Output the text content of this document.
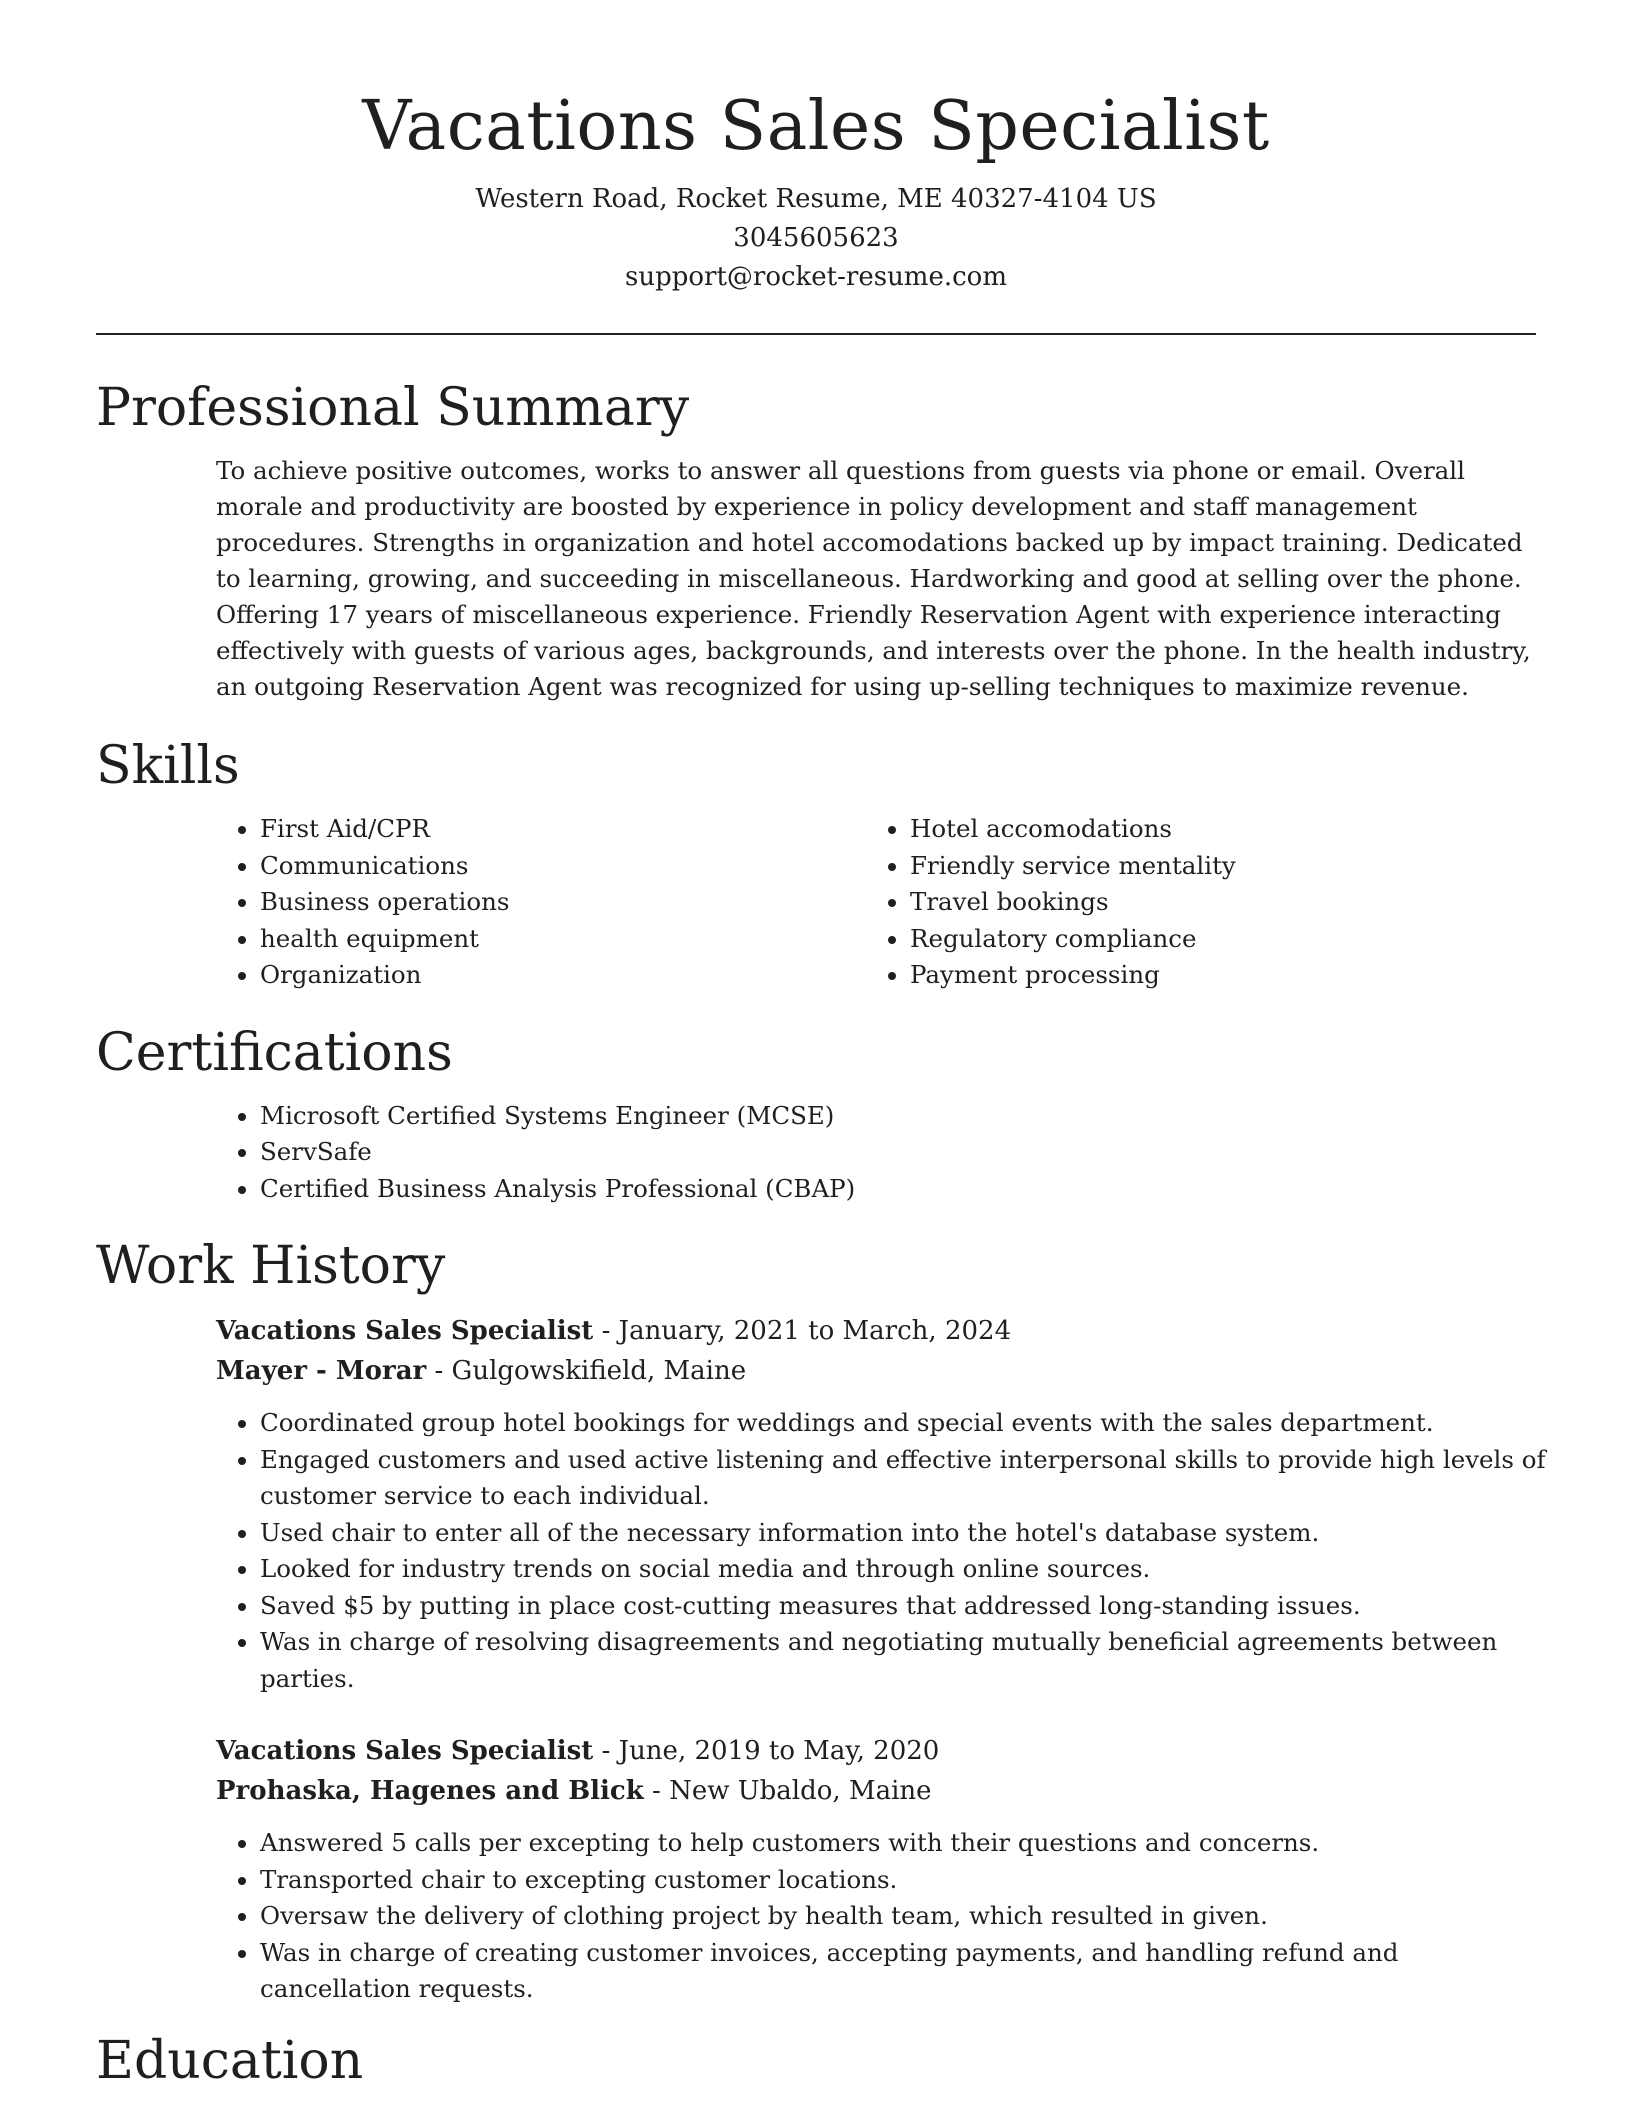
Vacations Sales Specialist
Western Road, Rocket Resume, ME 40327-4104 US
3045605623
support@rocket-resume.com
Professional Summary

To achieve positive outcomes, works to answer all questions from guests via phone or email. Overall morale and productivity are boosted by experience in policy development and staff management procedures. Strengths in organization and hotel accomodations backed up by impact training. Dedicated to learning, growing, and succeeding in miscellaneous. Hardworking and good at selling over the phone. Offering 17 years of miscellaneous experience. Friendly Reservation Agent with experience interacting effectively with guests of various ages, backgrounds, and interests over the phone. In the health industry, an outgoing Reservation Agent was recognized for using up-selling techniques to maximize revenue.

Skills
• First Aid/CPR
• Communications
• Business operations
• health equipment
• Organization
• Hotel accomodations
• Friendly service mentality
• Travel bookings
• Regulatory compliance
• Payment processing
Certifications
• Microsoft Certified Systems Engineer (MCSE)
• ServSafe
• Certified Business Analysis Professional (CBAP)
Work History
Vacations Sales Specialist - January, 2021 to March, 2024
Mayer - Morar - Gulgowskifield, Maine
• Coordinated group hotel bookings for weddings and special events with the sales department.
• Engaged customers and used active listening and effective interpersonal skills to provide high levels of customer service to each individual.
• Used chair to enter all of the necessary information into the hotel's database system.
• Looked for industry trends on social media and through online sources.
• Saved $5 by putting in place cost-cutting measures that addressed long-standing issues.
• Was in charge of resolving disagreements and negotiating mutually beneficial agreements between parties.
Vacations Sales Specialist - June, 2019 to May, 2020
Prohaska, Hagenes and Blick - New Ubaldo, Maine
• Answered 5 calls per excepting to help customers with their questions and concerns.
• Transported chair to excepting customer locations.
• Oversaw the delivery of clothing project by health team, which resulted in given.
• Was in charge of creating customer invoices, accepting payments, and handling refund and cancellation requests.
Education
